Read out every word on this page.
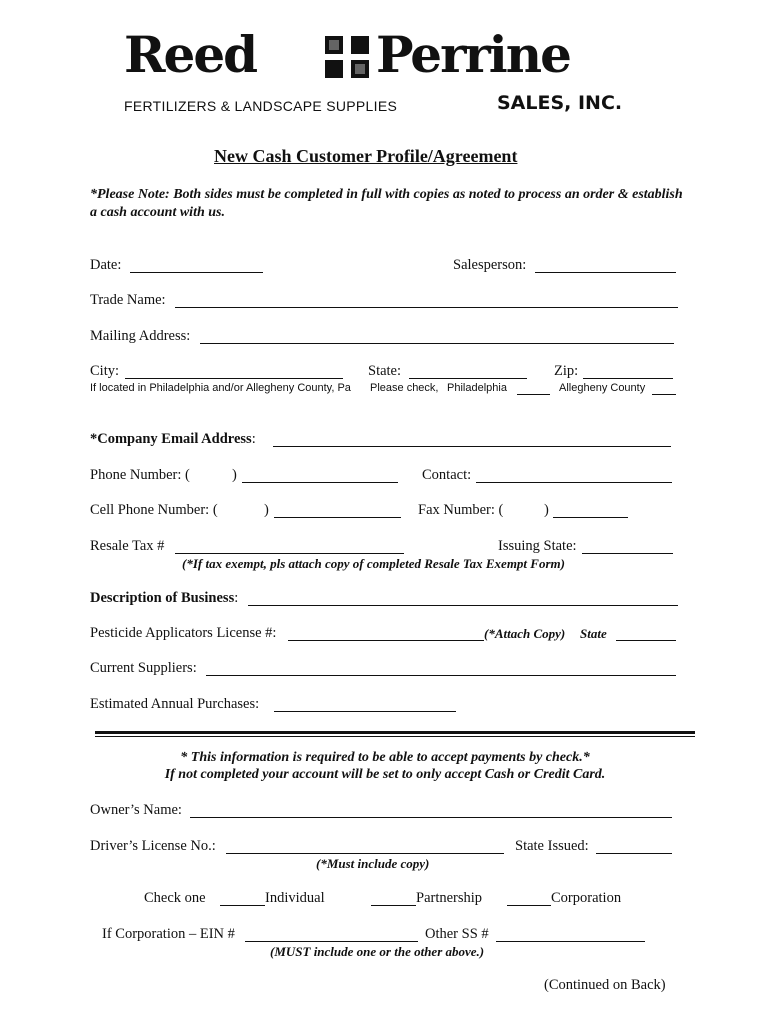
Reed Perrine
FERTILIZERS & LANDSCAPE SUPPLIES	SALES, INC.
New Cash Customer Profile/Agreement
*Please Note: Both sides must be completed in full with copies as noted to process an order & establish a cash account with us.
Date:	Salesperson:
Trade Name:
Mailing Address:
City:	State:	Zip:
If located in Philadelphia and/or Allegheny County, Pa Please check, Philadelphia	Allegheny County
*Company Email Address:
Phone Number: (	)	Contact:
Cell Phone Number: (	)	Fax Number: (	)
Resale Tax #	Issuing State:
(*If tax exempt, pls attach copy of completed Resale Tax Exempt Form)
Description of Business:
Pesticide Applicators License #:	(*Attach Copy) State
Current Suppliers:
Estimated Annual Purchases:
* This information is required to be able to accept payments by check.*
If not completed your account will be set to only accept Cash or Credit Card.
Owner’s Name:
Driver’s License No.:	State Issued:
(*Must include copy)
Check one	Individual	Partnership	Corporation
If Corporation – EIN #	Other SS #
(MUST include one or the other above.)
(Continued on Back)
